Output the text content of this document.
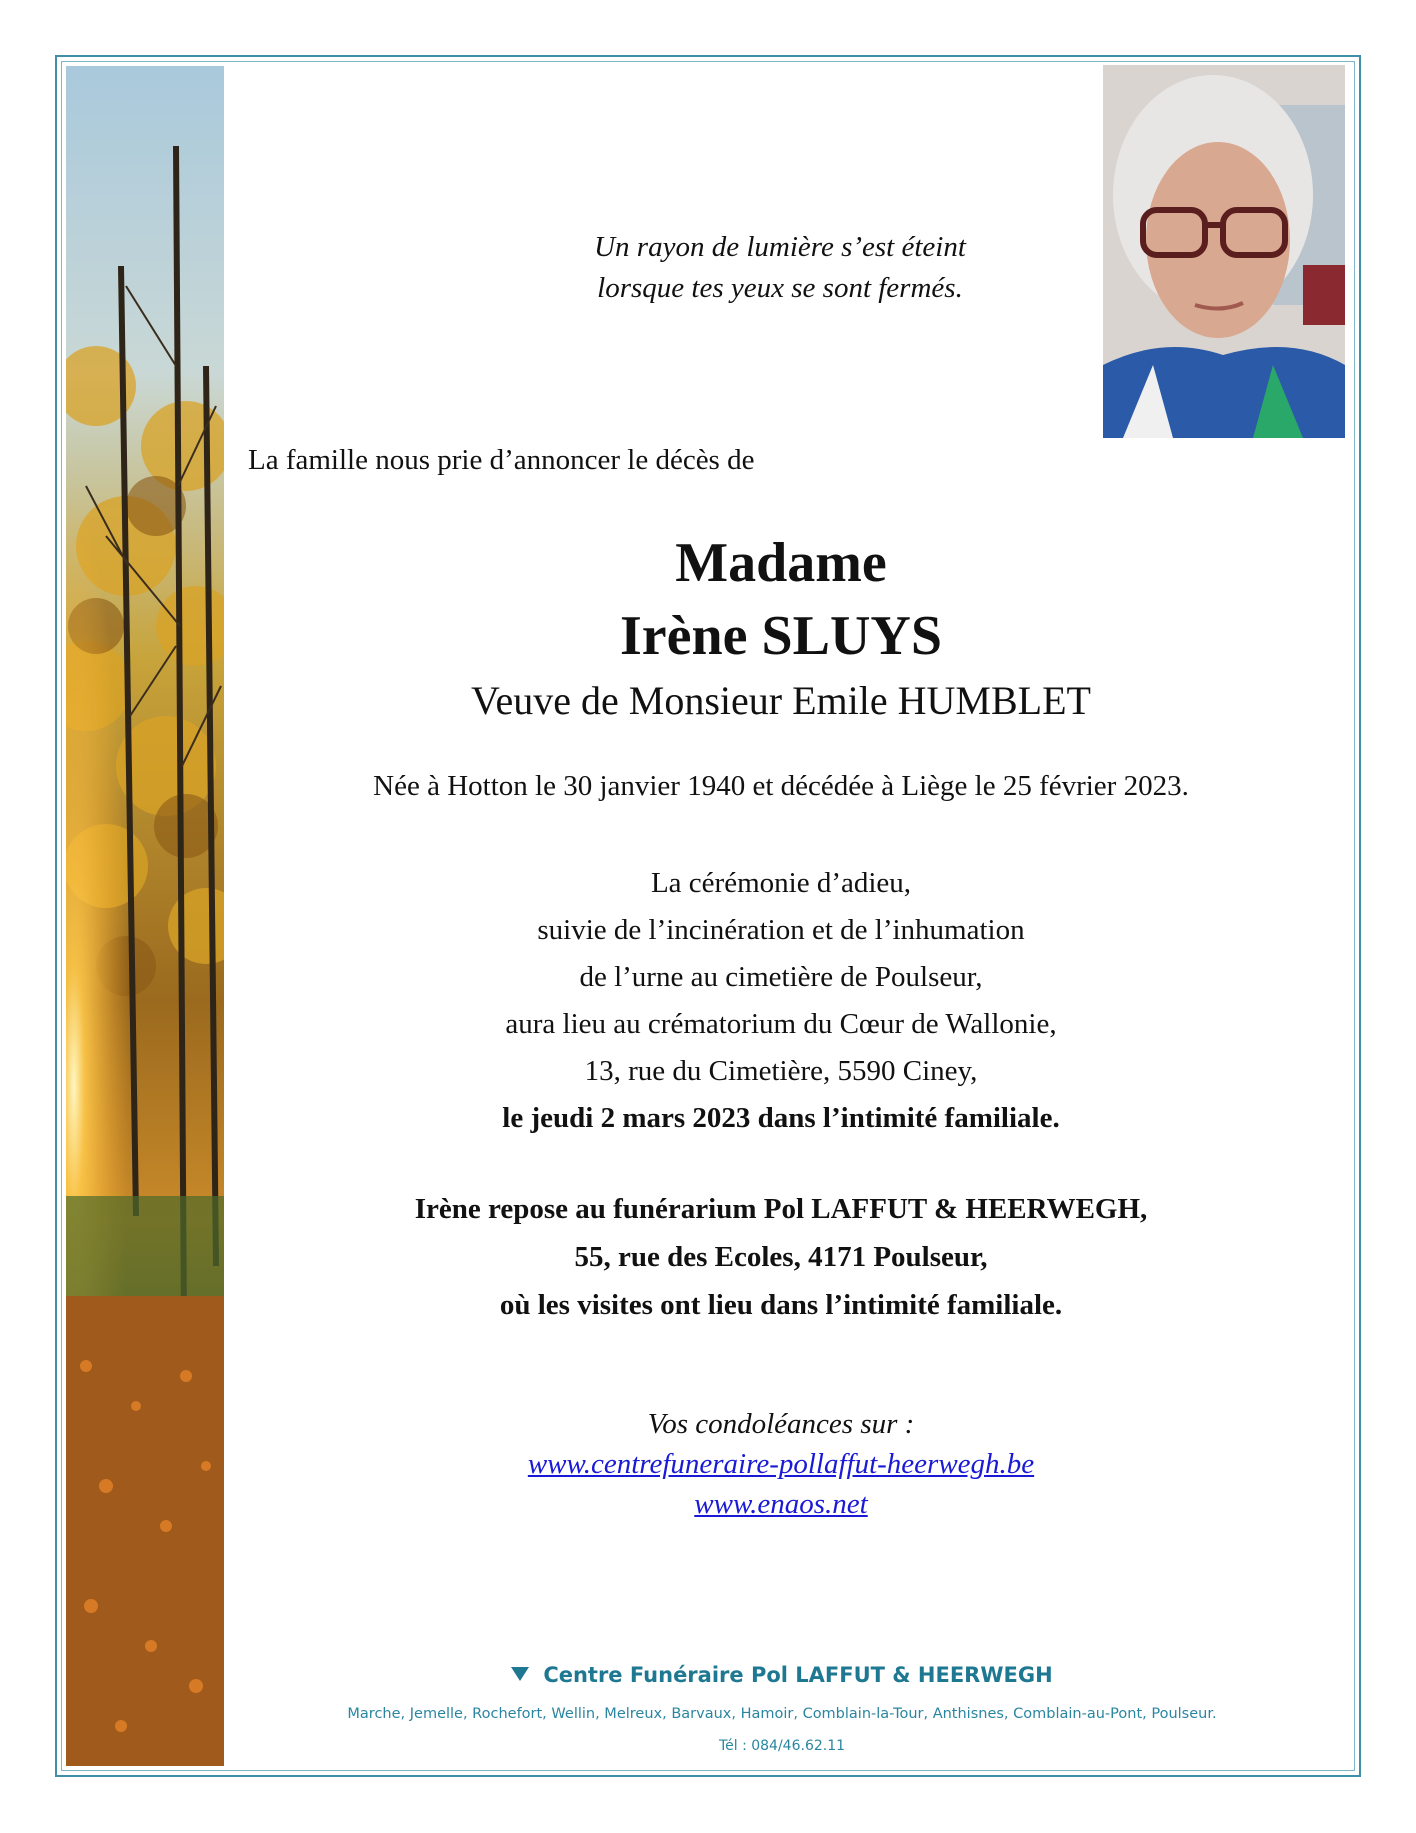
Un rayon de lumière s’est éteint
lorsque tes yeux se sont fermés.
La famille nous prie d’annoncer le décès de
Madame
Irène SLUYS
Veuve de Monsieur Emile HUMBLET
Née à Hotton le 30 janvier 1940 et décédée à Liège le 25 février 2023.
La cérémonie d’adieu,
suivie de l’incinération et de l’inhumation
de l’urne au cimetière de Poulseur,
aura lieu au crématorium du Cœur de Wallonie,
13, rue du Cimetière, 5590 Ciney,
le jeudi 2 mars 2023 dans l’intimité familiale.
Irène repose au funérarium Pol LAFFUT & HEERWEGH,
55, rue des Ecoles, 4171 Poulseur,
où les visites ont lieu dans l’intimité familiale.
Vos condoléances sur :
www.centrefuneraire-pollaffut-heerwegh.be
www.enaos.net
Centre Funéraire Pol LAFFUT & HEERWEGH
Marche, Jemelle, Rochefort, Wellin, Melreux, Barvaux, Hamoir, Comblain-la-Tour, Anthisnes, Comblain-au-Pont, Poulseur.
Tél : 084/46.62.11
